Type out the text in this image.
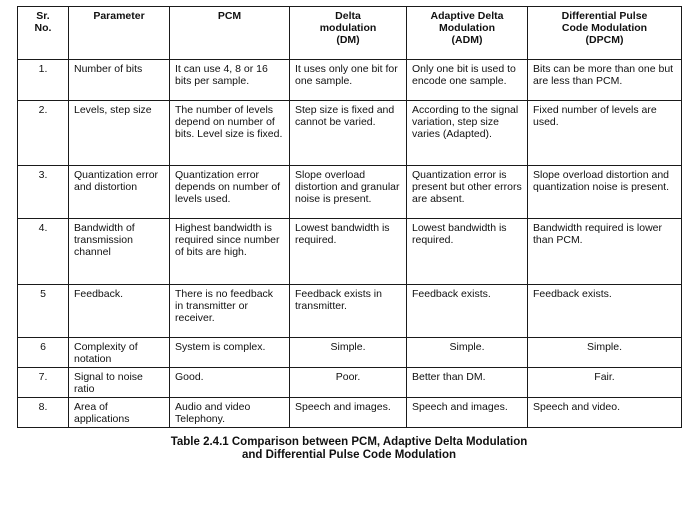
Sr.
No.	Parameter	PCM	Delta
modulation
(DM)	Adaptive Delta
Modulation
(ADM)	Differential Pulse
Code Modulation
(DPCM)
1.	Number of bits	It can use 4, 8 or 16 bits per sample.	It uses only one bit for one sample.	Only one bit is used to encode one sample.	Bits can be more than one but are less than PCM.
2.	Levels, step size	The number of levels depend on number of bits. Level size is fixed.	Step size is fixed and cannot be varied.	According to the signal variation, step size varies (Adapted).	Fixed number of levels are used.
3.	Quantization error and distortion	Quantization error depends on number of levels used.	Slope overload distortion and granular noise is present.	Quantization error is present but other errors are absent.	Slope overload distortion and quantization noise is present.
4.	Bandwidth of transmission channel	Highest bandwidth is required since number of bits are high.	Lowest bandwidth is required.	Lowest bandwidth is required.	Bandwidth required is lower than PCM.
5	Feedback.	There is no feedback in transmitter or receiver.	Feedback exists in transmitter.	Feedback exists.	Feedback exists.
6	Complexity of notation	System is complex.	Simple.	Simple.	Simple.
7.	Signal to noise ratio	Good.	Poor.	Better than DM.	Fair.
8.	Area of applications	Audio and video Telephony.	Speech and images.	Speech and images.	Speech and video.
Table 2.4.1 Comparison between PCM, Adaptive Delta Modulation
and Differential Pulse Code Modulation
